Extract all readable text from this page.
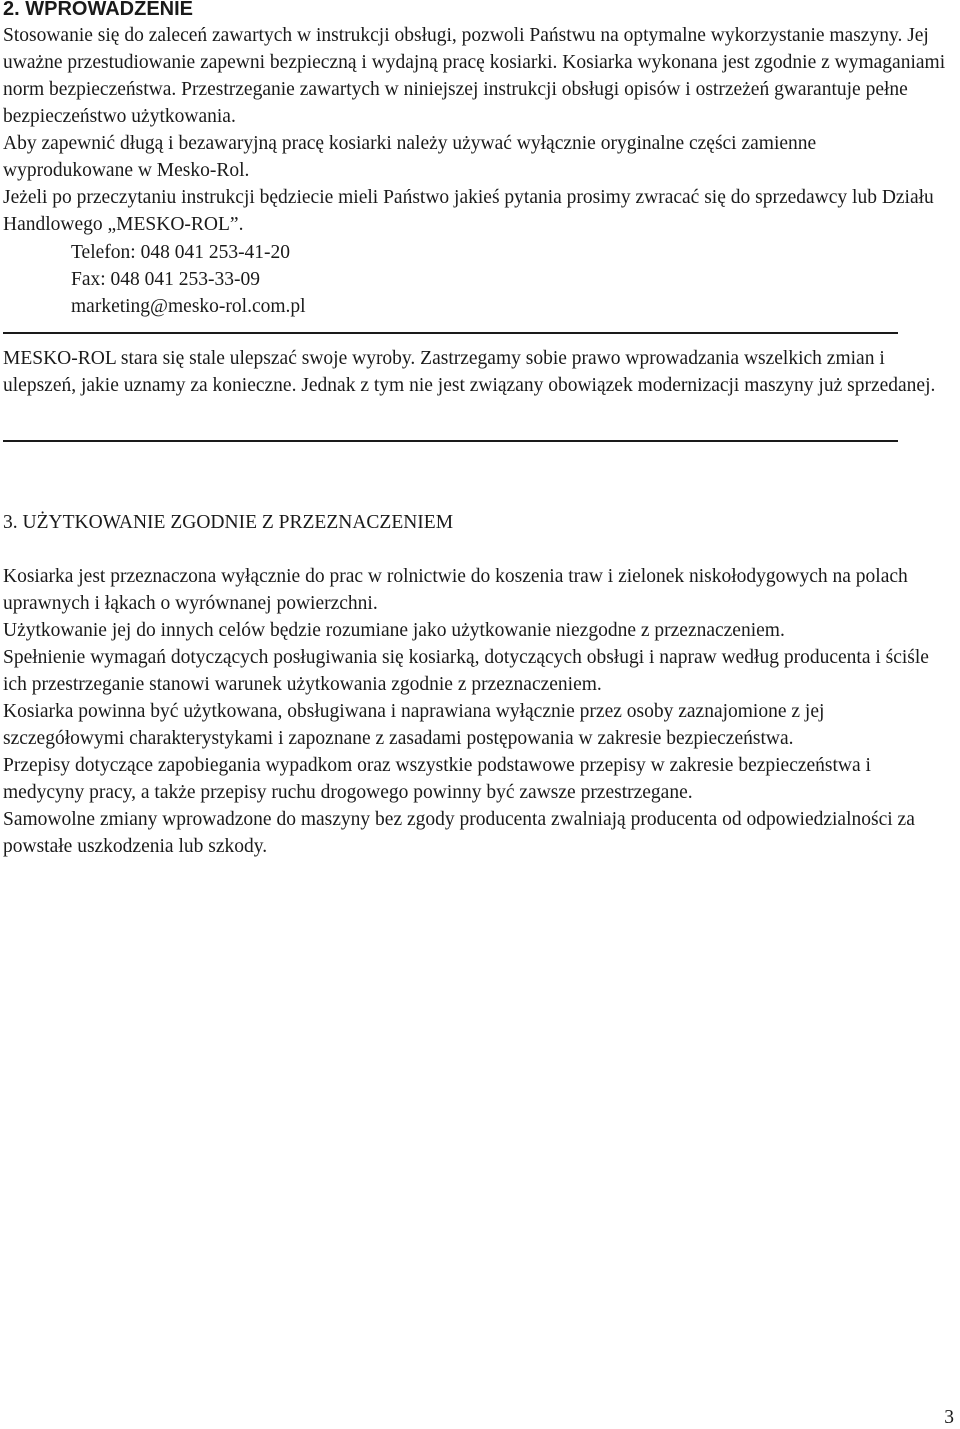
2. WPROWADZENIE

Stosowanie się do zaleceń zawartych w instrukcji obsługi, pozwoli Państwu na optymalne wykorzystanie maszyny. Jej uważne przestudiowanie zapewni bezpieczną i wydajną pracę kosiarki. Kosiarka wykonana jest zgodnie z wymaganiami norm bezpieczeństwa. Przestrzeganie zawartych w niniejszej instrukcji obsługi opisów i ostrzeżeń gwarantuje pełne bezpieczeństwo użytkowania.

Aby zapewnić długą i bezawaryjną pracę kosiarki należy używać wyłącznie oryginalne części zamienne wyprodukowane w Mesko-Rol.

Jeżeli po przeczytaniu instrukcji będziecie mieli Państwo jakieś pytania prosimy zwracać się do sprzedawcy lub Działu Handlowego „MESKO-ROL”.

Telefon: 048 041 253-41-20
Fax: 048 041 253-33-09
marketing@mesko-rol.com.pl

MESKO-ROL stara się stale ulepszać swoje wyroby. Zastrzegamy sobie prawo wprowadzania wszelkich zmian i ulepszeń, jakie uznamy za konieczne. Jednak z tym nie jest związany obowiązek modernizacji maszyny już sprzedanej.

3. UŻYTKOWANIE ZGODNIE Z PRZEZNACZENIEM

Kosiarka jest przeznaczona wyłącznie do prac w rolnictwie do koszenia traw i zielonek niskołodygowych na polach uprawnych i łąkach o wyrównanej powierzchni.

Użytkowanie jej do innych celów będzie rozumiane jako użytkowanie niezgodne z przeznaczeniem.

Spełnienie wymagań dotyczących posługiwania się kosiarką, dotyczących obsługi i napraw według producenta i ściśle ich przestrzeganie stanowi warunek użytkowania zgodnie z przeznaczeniem.

Kosiarka powinna być użytkowana, obsługiwana i naprawiana wyłącznie przez osoby zaznajomione z jej szczegółowymi charakterystykami i zapoznane z zasadami postępowania w zakresie bezpieczeństwa.

Przepisy dotyczące zapobiegania wypadkom oraz wszystkie podstawowe przepisy w zakresie bezpieczeństwa i medycyny pracy, a także przepisy ruchu drogowego powinny być zawsze przestrzegane.

Samowolne zmiany wprowadzone do maszyny bez zgody producenta zwalniają producenta od odpowiedzialności za powstałe uszkodzenia lub szkody.

3
